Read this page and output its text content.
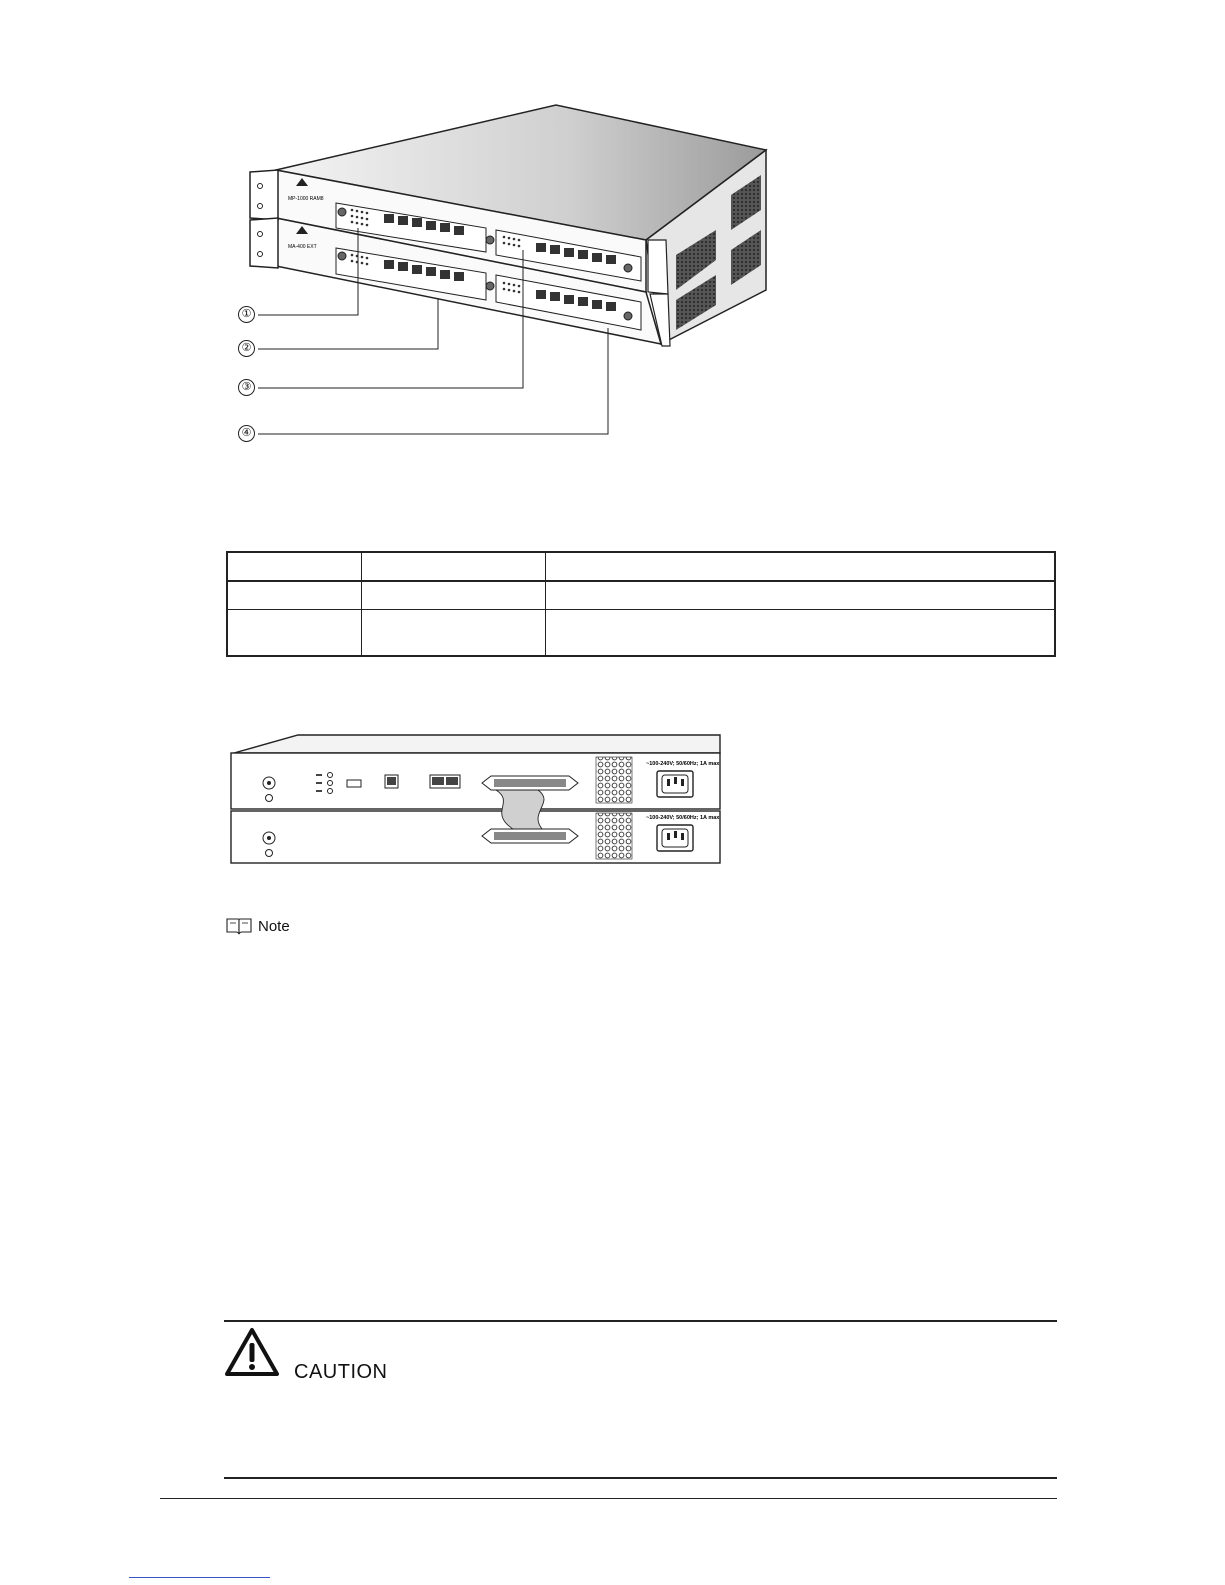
MP-1000 RAM8
MA-400 EXT
①
②
③
④

~100-240V; 50/60Hz; 1A max
~100-240V; 50/60Hz; 1A max
Note
CAUTION
